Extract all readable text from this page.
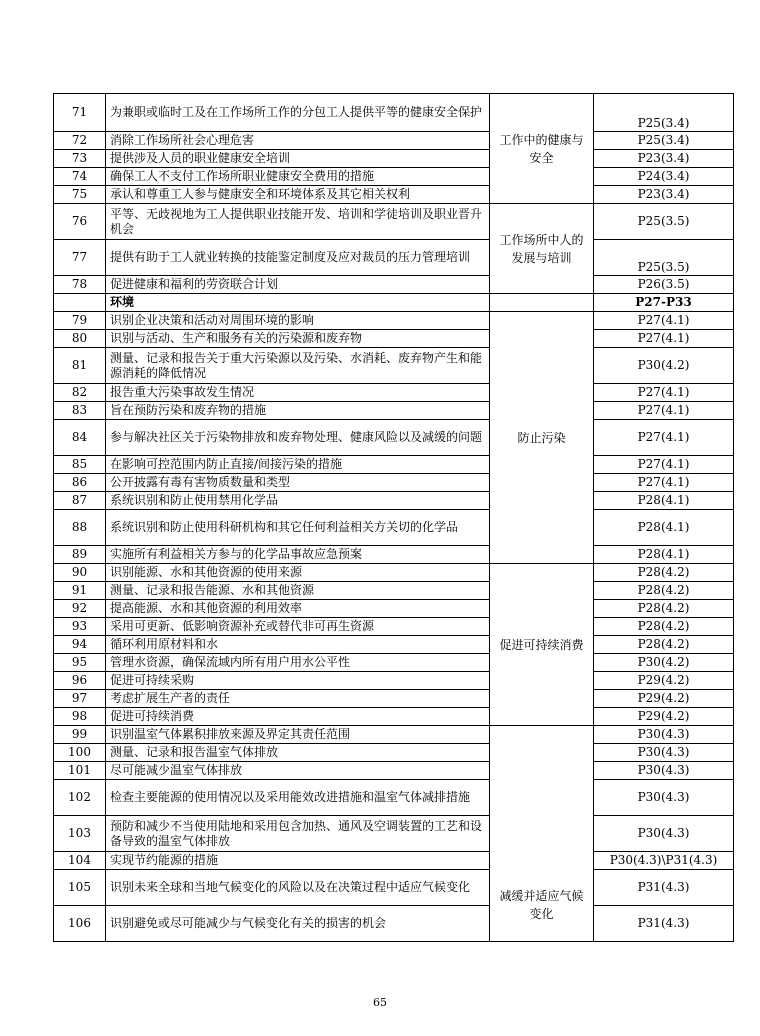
71	为兼职或临时工及在工作场所工作的分包工人提供平等的健康安全保护	工作中的健康与安全	P25(3.4)
72	消除工作场所社会心理危害		P25(3.4)
73	提供涉及人员的职业健康安全培训		P23(3.4)
74	确保工人不支付工作场所职业健康安全费用的措施		P24(3.4)
75	承认和尊重工人参与健康安全和环境体系及其它相关权利		P23(3.4)
76	平等、无歧视地为工人提供职业技能开发、培训和学徒培训及职业晋升机会	工作场所中人的发展与培训	P25(3.5)
77	提供有助于工人就业转换的技能鉴定制度及应对裁员的压力管理培训		P25(3.5)
78	促进健康和福利的劳资联合计划		P26(3.5)
	环境		P27-P33
79	识别企业决策和活动对周围环境的影响	防止污染	P27(4.1)
80	识别与活动、生产和服务有关的污染源和废弃物		P27(4.1)
81	测量、记录和报告关于重大污染源以及污染、水消耗、废弃物产生和能源消耗的降低情况		P30(4.2)
82	报告重大污染事故发生情况		P27(4.1)
83	旨在预防污染和废弃物的措施		P27(4.1)
84	参与解决社区关于污染物排放和废弃物处理、健康风险以及减缓的问题		P27(4.1)
85	在影响可控范围内防止直接/间接污染的措施		P27(4.1)
86	公开披露有毒有害物质数量和类型		P27(4.1)
87	系统识别和防止使用禁用化学品		P28(4.1)
88	系统识别和防止使用科研机构和其它任何利益相关方关切的化学品		P28(4.1)
89	实施所有利益相关方参与的化学品事故应急预案		P28(4.1)
90	识别能源、水和其他资源的使用来源	促进可持续消费	P28(4.2)
91	测量、记录和报告能源、水和其他资源		P28(4.2)
92	提高能源、水和其他资源的利用效率		P28(4.2)
93	采用可更新、低影响资源补充或替代非可再生资源		P28(4.2)
94	循环利用原材料和水		P28(4.2)
95	管理水资源，确保流域内所有用户用水公平性		P30(4.2)
96	促进可持续采购		P29(4.2)
97	考虑扩展生产者的责任		P29(4.2)
98	促进可持续消费		P29(4.2)
99	识别温室气体累积排放来源及界定其责任范围	减缓并适应气候变化	P30(4.3)
100	测量、记录和报告温室气体排放		P30(4.3)
101	尽可能减少温室气体排放		P30(4.3)
102	检查主要能源的使用情况以及采用能效改进措施和温室气体减排措施		P30(4.3)
103	预防和减少不当使用陆地和采用包含加热、通风及空调装置的工艺和设备导致的温室气体排放		P30(4.3)
104	实现节约能源的措施		P30(4.3)\P31(4.3)
105	识别未来全球和当地气候变化的风险以及在决策过程中适应气候变化		P31(4.3)
106	识别避免或尽可能减少与气候变化有关的损害的机会		P31(4.3)
65
